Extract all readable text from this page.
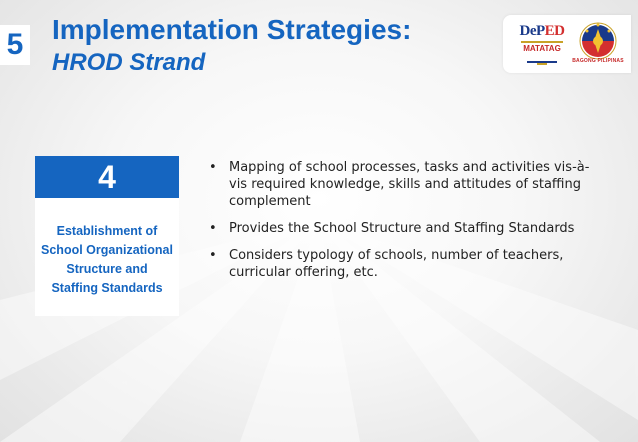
5 Implementation Strategies:
HROD Strand
DePED
MATATAG
BAGONG PILIPINAS
4
Establishment of
School Organizational
Structure and
Staffing Standards
• Mapping of school processes, tasks and activities vis-à- vis required knowledge, skills and attitudes of staffing complement
• Provides the School Structure and Staffing Standards
• Considers typology of schools, number of teachers, curricular offering, etc.
